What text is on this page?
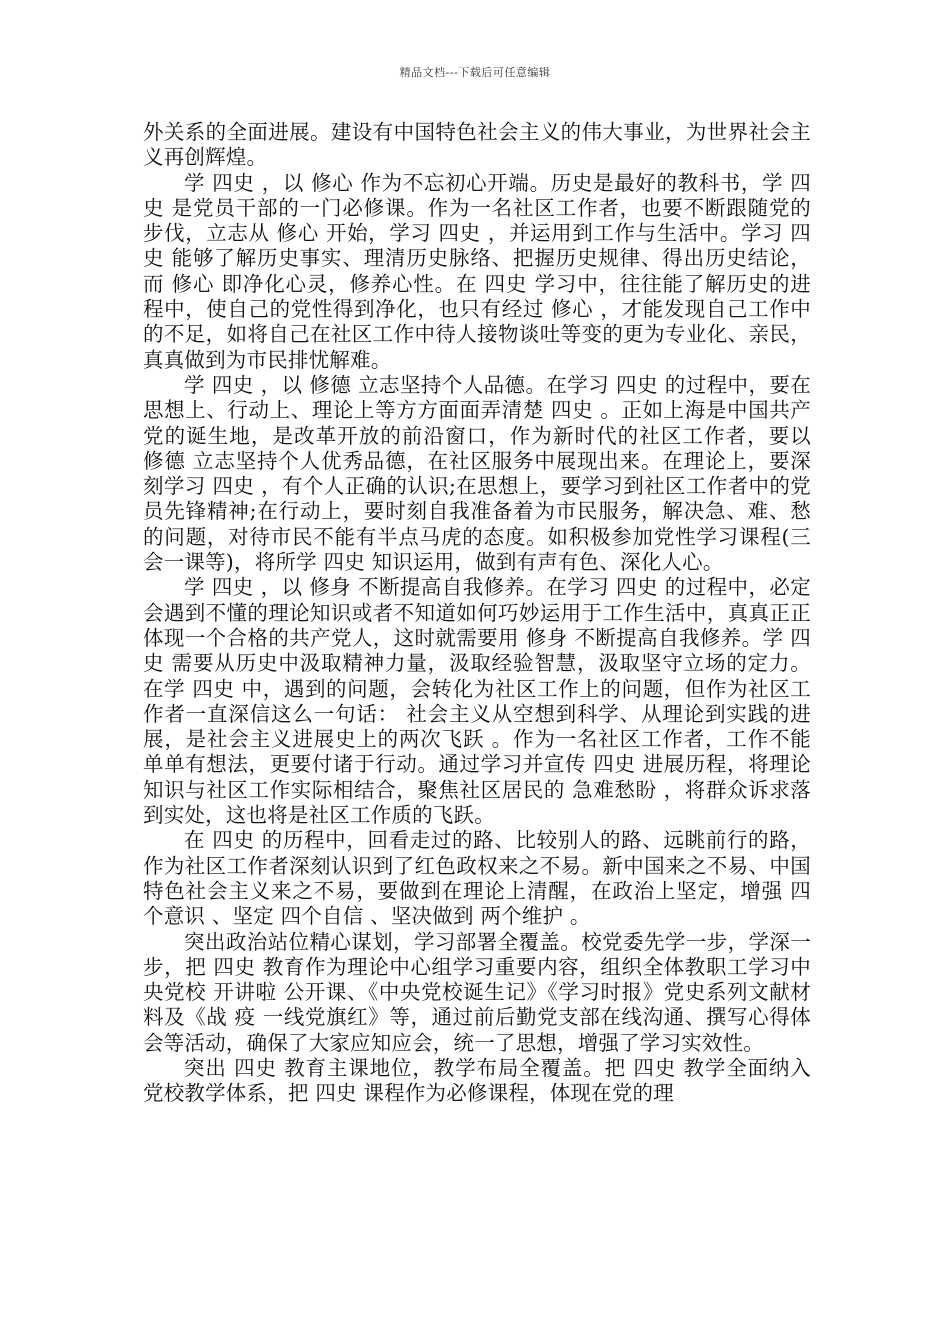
精品文档---下载后可任意编辑

外关系的全面进展。建设有中国特色社会主义的伟大事业，为世界社会主义再创辉煌。

学 四史 ，以 修心 作为不忘初心开端。历史是最好的教科书，学 四史 是党员干部的一门必修课。作为一名社区工作者，也要不断跟随党的步伐，立志从 修心 开始，学习 四史 ，并运用到工作与生活中。学习 四史 能够了解历史事实、理清历史脉络、把握历史规律、得出历史结论，而 修心 即净化心灵，修养心性。在 四史 学习中，往往能了解历史的进程中，使自己的党性得到净化，也只有经过 修心 ，才能发现自己工作中的不足，如将自己在社区工作中待人接物谈吐等变的更为专业化、亲民，真真做到为市民排忧解难。

学 四史 ，以 修德 立志坚持个人品德。在学习 四史 的过程中，要在思想上、行动上、理论上等方方面面弄清楚 四史 。正如上海是中国共产党的诞生地，是改革开放的前沿窗口，作为新时代的社区工作者，要以 修德 立志坚持个人优秀品德，在社区服务中展现出来。在理论上，要深刻学习 四史 ，有个人正确的认识;在思想上，要学习到社区工作者中的党员先锋精神;在行动上，要时刻自我准备着为市民服务，解决急、难、愁的问题，对待市民不能有半点马虎的态度。如积极参加党性学习课程(三会一课等)，将所学 四史 知识运用，做到有声有色、深化人心。

学 四史 ，以 修身 不断提高自我修养。在学习 四史 的过程中，必定会遇到不懂的理论知识或者不知道如何巧妙运用于工作生活中，真真正正体现一个合格的共产党人，这时就需要用 修身 不断提高自我修养。学 四史 需要从历史中汲取精神力量，汲取经验智慧，汲取坚守立场的定力。在学 四史 中，遇到的问题，会转化为社区工作上的问题，但作为社区工作者一直深信这么一句话： 社会主义从空想到科学、从理论到实践的进展，是社会主义进展史上的两次飞跃 。作为一名社区工作者，工作不能单单有想法，更要付诸于行动。通过学习并宣传 四史 进展历程，将理论知识与社区工作实际相结合，聚焦社区居民的 急难愁盼 ，将群众诉求落到实处，这也将是社区工作质的飞跃。

在 四史 的历程中，回看走过的路、比较别人的路、远眺前行的路，作为社区工作者深刻认识到了红色政权来之不易。新中国来之不易、中国特色社会主义来之不易，要做到在理论上清醒，在政治上坚定，增强 四个意识 、坚定 四个自信 、坚决做到 两个维护 。

突出政治站位精心谋划，学习部署全覆盖。校党委先学一步，学深一步，把 四史 教育作为理论中心组学习重要内容，组织全体教职工学习中央党校 开讲啦 公开课、《中央党校诞生记》《学习时报》党史系列文献材料及《战 疫 一线党旗红》等，通过前后勤党支部在线沟通、撰写心得体会等活动，确保了大家应知应会，统一了思想，增强了学习实效性。

突出 四史 教育主课地位，教学布局全覆盖。把 四史 教学全面纳入党校教学体系，把 四史 课程作为必修课程，体现在党的理
